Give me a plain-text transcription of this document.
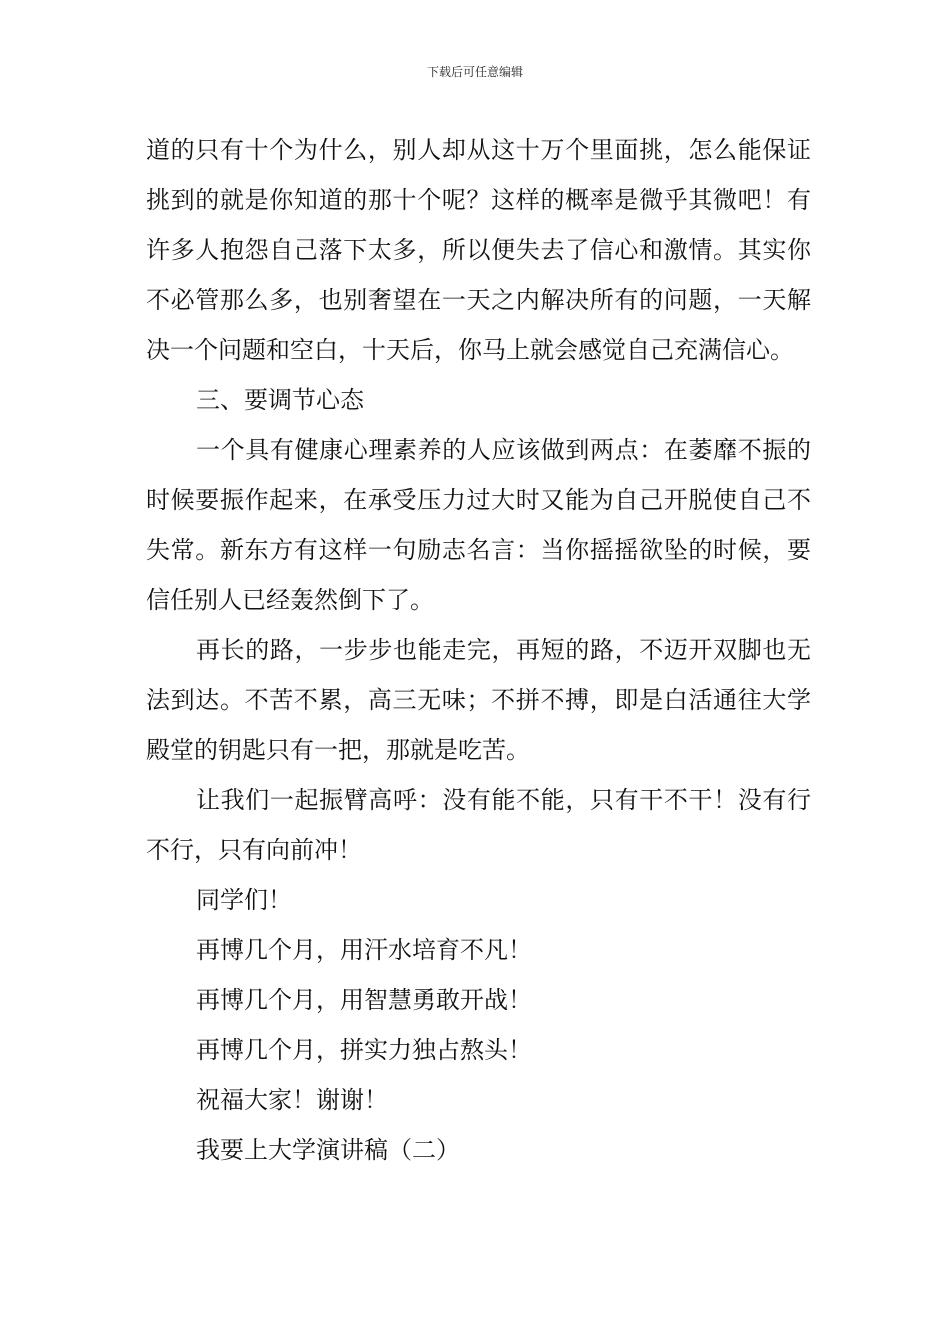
下载后可任意编辑

道的只有十个为什么，别人却从这十万个里面挑，怎么能保证挑到的就是你知道的那十个呢？这样的概率是微乎其微吧！有许多人抱怨自己落下太多，所以便失去了信心和激情。其实你不必管那么多，也别奢望在一天之内解决所有的问题，一天解决一个问题和空白，十天后，你马上就会感觉自己充满信心。

三、要调节心态

一个具有健康心理素养的人应该做到两点：在萎靡不振的时候要振作起来，在承受压力过大时又能为自己开脱使自己不失常。新东方有这样一句励志名言：当你摇摇欲坠的时候，要信任别人已经轰然倒下了。

再长的路，一步步也能走完，再短的路，不迈开双脚也无法到达。不苦不累，高三无味；不拼不搏，即是白活通往大学殿堂的钥匙只有一把，那就是吃苦。

让我们一起振臂高呼：没有能不能，只有干不干！没有行不行，只有向前冲！

同学们！

再博几个月，用汗水培育不凡！

再博几个月，用智慧勇敢开战！

再博几个月，拼实力独占熬头！

祝福大家！谢谢！

我要上大学演讲稿（二）
